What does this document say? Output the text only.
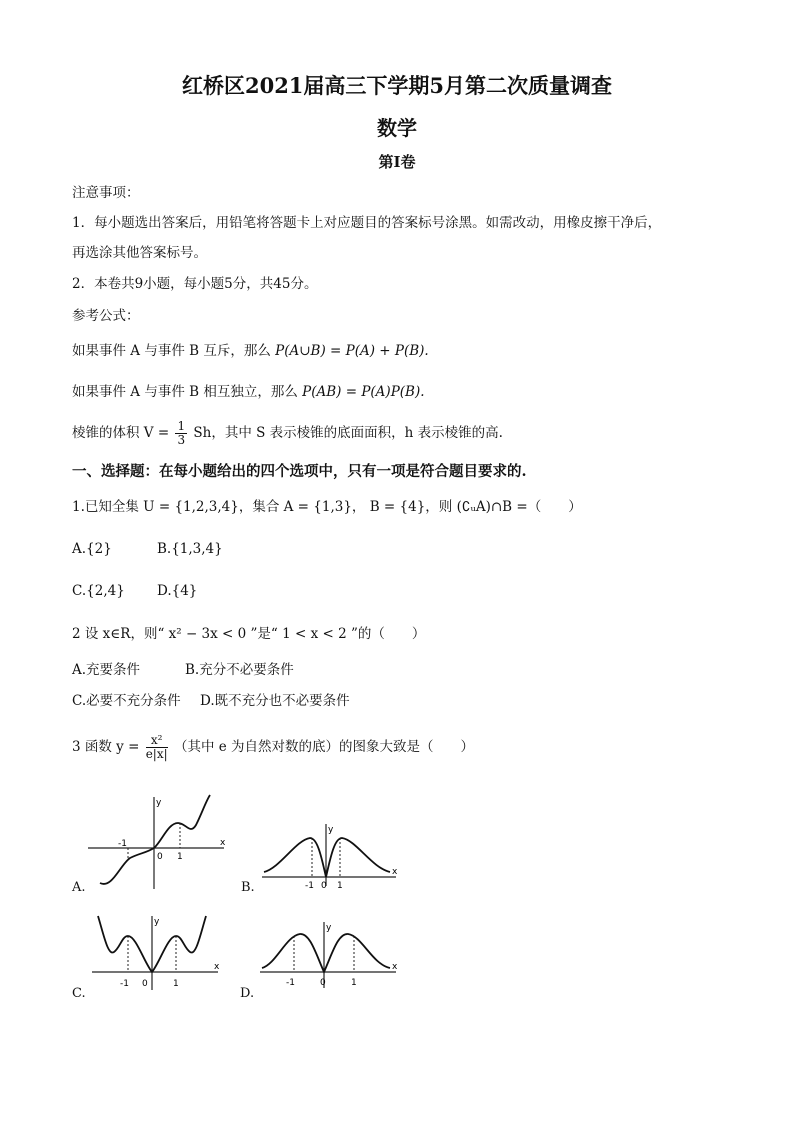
红桥区2021届高三下学期5月第二次质量调查
数学
第I卷
注意事项：
1．每小题选出答案后，用铅笔将答题卡上对应题目的答案标号涂黑。如需改动，用橡皮擦干净后，
再选涂其他答案标号。
2．本卷共9小题，每小题5分，共45分。
参考公式：
如果事件 A 与事件 B 互斥，那么 P(A∪B) = P(A) + P(B).
如果事件 A 与事件 B 相互独立，那么 P(AB) = P(A)P(B).
棱锥的体积 $V = \frac{1}{3}$ Sh，其中 S 表示棱锥的底面面积，h 表示棱锥的高.
一、选择题：在每小题给出的四个选项中，只有一项是符合题目要求的.
1.已知全集 U = {1,2,3,4}，集合 A = {1,3}， B = {4}，则 (∁ᵤA)∩B =（　　）
A.{2}	B.{1,3,4}
C.{2,4} D.{4}
2 设 x∈R，则“ x² − 3x < 0 ”是“ 1 < x < 2 ”的（　　）
A.充要条件	B.充分不必要条件
C.必要不充分条件 D.既不充分也不必要条件
3 函数 $y = \frac{\text{x²}}{e|x|}$ （其中 e 为自然对数的底）的图象大致是（　　）
y
x
0
-1
1
A.
y
x
0
-1	1
B.
y
x
0
-1	1
C.
y
x
0
-1	1
D.
